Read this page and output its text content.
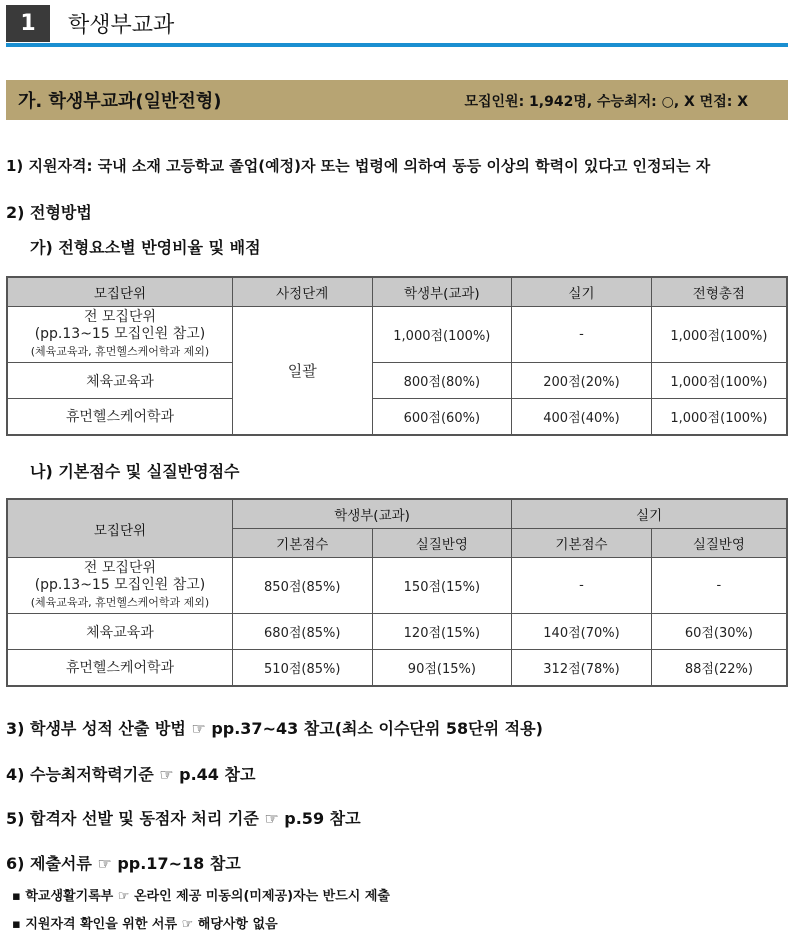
1	학생부교과
가. 학생부교과(일반전형)	모집인원: 1,942명, 수능최저: ○, X 면접: X
1) 지원자격: 국내 소재 고등학교 졸업(예정)자 또는 법령에 의하여 동등 이상의 학력이 있다고 인정되는 자
2) 전형방법
가) 전형요소별 반영비율 및 배점
모집단위	사정단계	학생부(교과)	실기	전형총점

전 모집단위
(pp.13~15 모집인원 참고)
(체육교육과, 휴먼헬스케어학과 제외)	일괄	1,000점(100%)	-	1,000점(100%)
체육교육과		800점(80%)	200점(20%)	1,000점(100%)
휴먼헬스케어학과		600점(60%)	400점(40%)	1,000점(100%)
나) 기본점수 및 실질반영점수
모집단위	학생부(교과)		실기	
	기본점수	실질반영	기본점수	실질반영

전 모집단위
(pp.13~15 모집인원 참고)
(체육교육과, 휴먼헬스케어학과 제외)	850점(85%)	150점(15%)	-	-
체육교육과	680점(85%)	120점(15%)	140점(70%)	60점(30%)
휴먼헬스케어학과	510점(85%)	90점(15%)	312점(78%)	88점(22%)
3) 학생부 성적 산출 방법 ☞ pp.37~43 참고(최소 이수단위 58단위 적용)
4) 수능최저학력기준 ☞ p.44 참고
5) 합격자 선발 및 동점자 처리 기준 ☞ p.59 참고
6) 제출서류 ☞ pp.17~18 참고
▪ 학교생활기록부 ☞ 온라인 제공 미동의(미제공)자는 반드시 제출
▪ 지원자격 확인을 위한 서류 ☞ 해당사항 없음
